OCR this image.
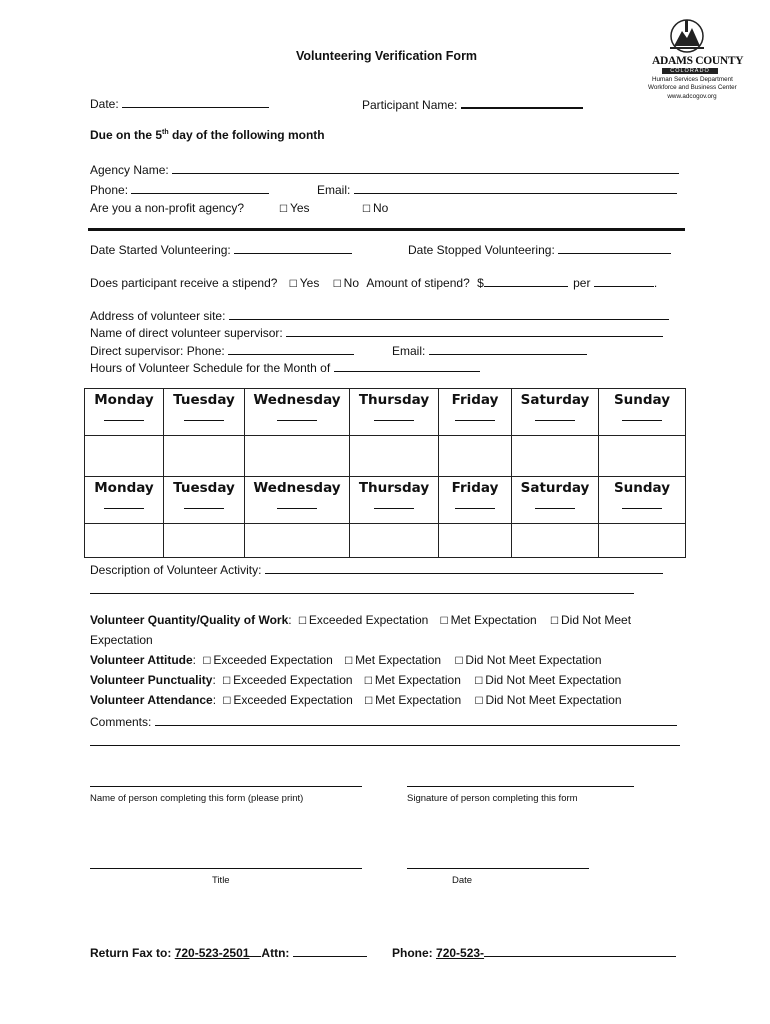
Volunteering Verification Form	ADAMS COUNTY
COLORADO
Human Services Department
Workforce and Business Center
www.adcogov.org
Date:	Participant Name:
Due on the 5th day of the following month
Agency Name:
Phone:	Email:
Are you a non-profit agency?	☐ Yes	☐ No
Date Started Volunteering:	Date Stopped Volunteering:
Does participant receive a stipend? ☐ Yes ☐ No Amount of stipend? $	per	.
Address of volunteer site:
Name of direct volunteer supervisor:
Direct supervisor: Phone:	Email:
Hours of Volunteer Schedule for the Month of
Monday	Tuesday	Wednesday	Thursday	Friday	Saturday	Sunday

Monday	Tuesday	Wednesday	Thursday	Friday	Saturday	Sunday

Description of Volunteer Activity:
Volunteer Quantity/Quality of Work: ☐ Exceeded Expectation ☐ Met Expectation ☐ Did Not Meet
Expectation
Volunteer Attitude: ☐ Exceeded Expectation ☐ Met Expectation ☐ Did Not Meet Expectation
Volunteer Punctuality: ☐ Exceeded Expectation ☐ Met Expectation ☐ Did Not Meet Expectation
Volunteer Attendance: ☐ Exceeded Expectation ☐ Met Expectation ☐ Did Not Meet Expectation
Comments:
Name of person completing this form (please print)	Signature of person completing this form
Title	Date
Return Fax to: 720-523-2501 Attn:	Phone: 720-523-
